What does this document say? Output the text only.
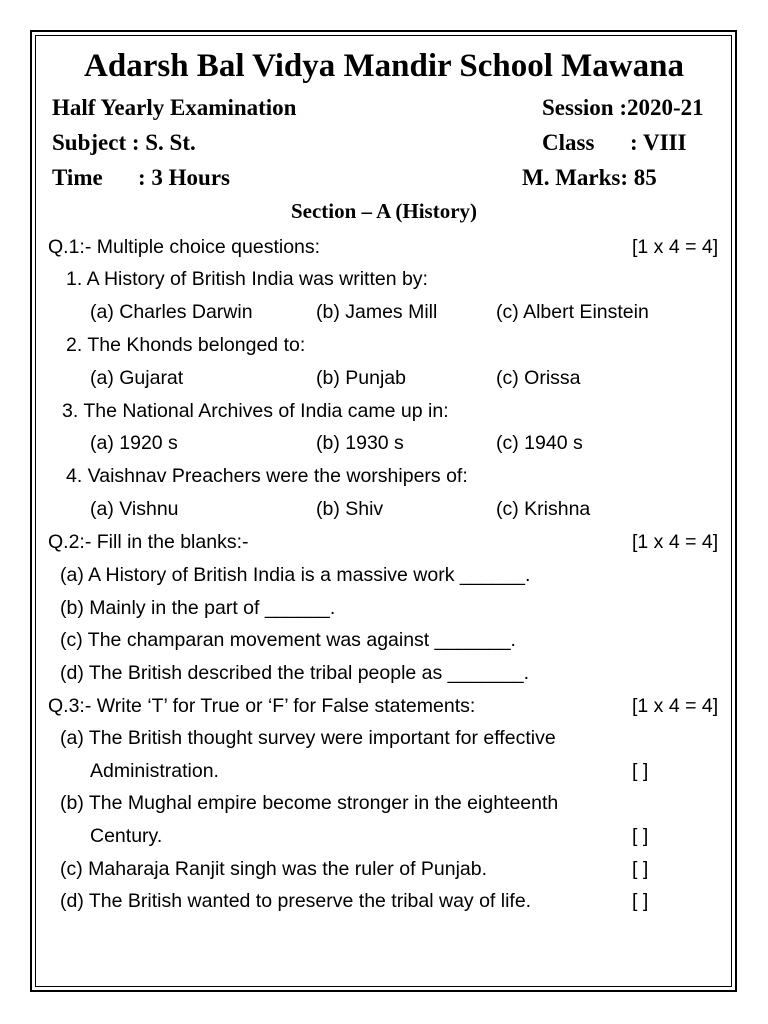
Adarsh Bal Vidya Mandir School Mawana
Half Yearly Examination	Session :2020-21
Subject : S. St.	Class : VIII
Time : 3 Hours	M. Marks: 85
Section – A (History)
Q.1:- Multiple choice questions:	[1 x 4 = 4]
1. A History of British India was written by:
(a) Charles Darwin	(b) James Mill	(c) Albert Einstein
2. The Khonds belonged to:
(a) Gujarat	(b) Punjab	(c) Orissa
3. The National Archives of India came up in:
(a) 1920 s	(b) 1930 s	(c) 1940 s
4. Vaishnav Preachers were the worshipers of:
(a) Vishnu	(b) Shiv	(c) Krishna
Q.2:- Fill in the blanks:-	[1 x 4 = 4]
(a) A History of British India is a massive work ______.
(b) Mainly in the part of ______.
(c) The champaran movement was against _______.
(d) The British described the tribal people as _______.
Q.3:- Write ‘T’ for True or ‘F’ for False statements:	[1 x 4 = 4]
(a) The British thought survey were important for effective
Administration.	[ ]
(b) The Mughal empire become stronger in the eighteenth
Century.	[ ]
(c) Maharaja Ranjit singh was the ruler of Punjab.	[ ]
(d) The British wanted to preserve the tribal way of life.	[ ]
